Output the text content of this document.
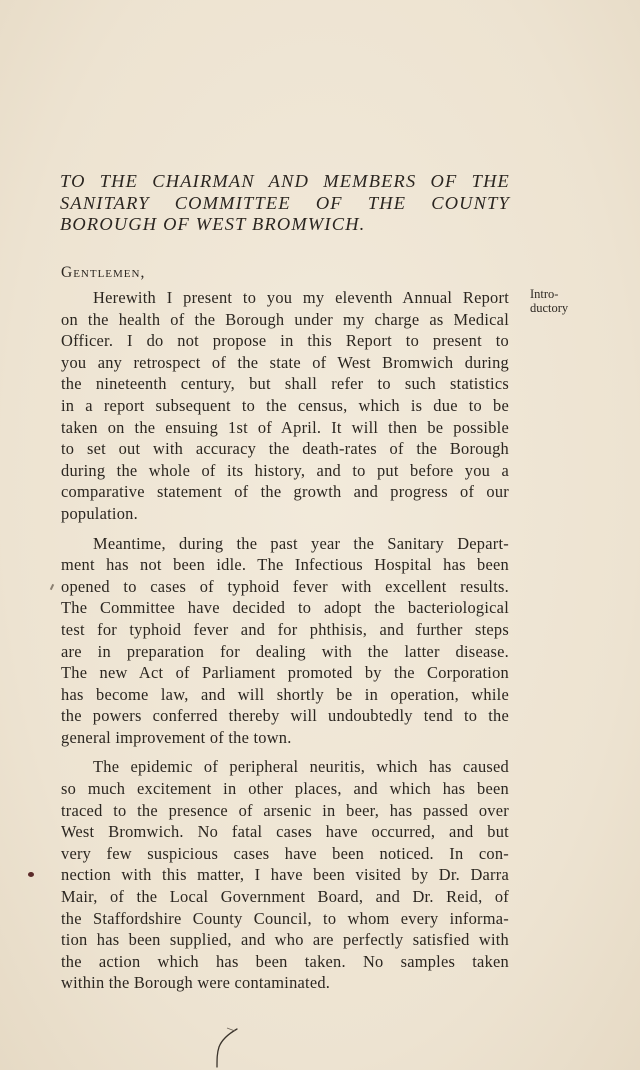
TO THE CHAIRMAN AND MEMBERS OF THE
SANITARY COMMITTEE OF THE COUNTY
BOROUGH OF WEST BROMWICH.
Gentlemen,
Intro-
ductory

Herewith I present to you my eleventh Annual Report
on the health of the Borough under my charge as Medical
Officer. I do not propose in this Report to present to
you any retrospect of the state of West Bromwich during
the nineteenth century, but shall refer to such statistics
in a report subsequent to the census, which is due to be
taken on the ensuing 1st of April. It will then be possible
to set out with accuracy the death-rates of the Borough
during the whole of its history, and to put before you a
comparative statement of the growth and progress of our
population.

Meantime, during the past year the Sanitary Depart-
ment has not been idle. The Infectious Hospital has been
opened to cases of typhoid fever with excellent results.
The Committee have decided to adopt the bacteriological
test for typhoid fever and for phthisis, and further steps
are in preparation for dealing with the latter disease.
The new Act of Parliament promoted by the Corporation
has become law, and will shortly be in operation, while
the powers conferred thereby will undoubtedly tend to the
general improvement of the town.

The epidemic of peripheral neuritis, which has caused
so much excitement in other places, and which has been
traced to the presence of arsenic in beer, has passed over
West Bromwich. No fatal cases have occurred, and but
very few suspicious cases have been noticed. In con-
nection with this matter, I have been visited by Dr. Darra
Mair, of the Local Government Board, and Dr. Reid, of
the Staffordshire County Council, to whom every informa-
tion has been supplied, and who are perfectly satisfied with
the action which has been taken. No samples taken
within the Borough were contaminated.
